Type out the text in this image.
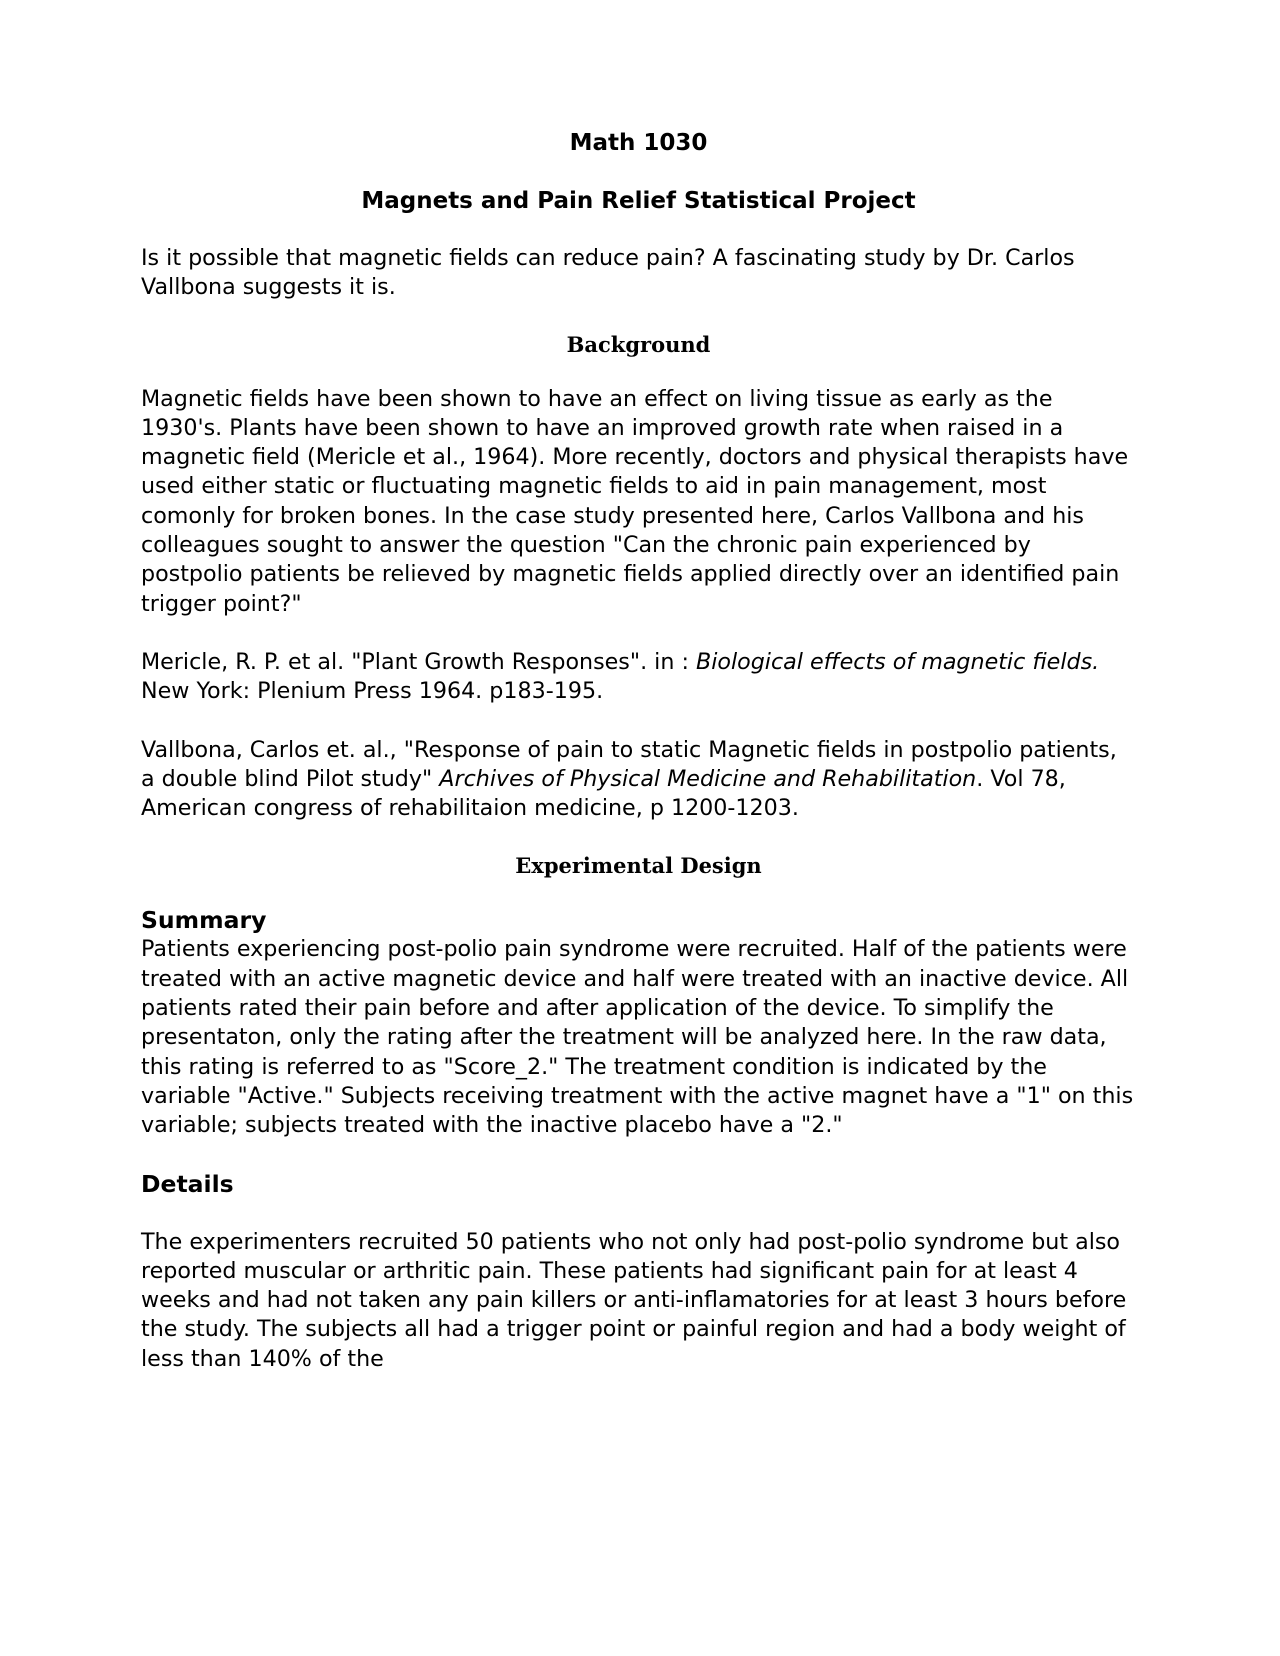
Math 1030
Magnets and Pain Relief Statistical Project

Is it possible that magnetic fields can reduce pain? A fascinating study by Dr. Carlos Vallbona suggests it is.

Background

Magnetic fields have been shown to have an effect on living tissue as early as the 1930's. Plants have been shown to have an improved growth rate when raised in a magnetic field (Mericle et al., 1964). More recently, doctors and physical therapists have used either static or fluctuating magnetic fields to aid in pain management, most comonly for broken bones. In the case study presented here, Carlos Vallbona and his colleagues sought to answer the question "Can the chronic pain experienced by postpolio patients be relieved by magnetic fields applied directly over an identified pain trigger point?"

Mericle, R. P. et al. "Plant Growth Responses". in : Biological effects of magnetic fields. New York: Plenium Press 1964. p183-195.

Vallbona, Carlos et. al., "Response of pain to static Magnetic fields in postpolio patients, a double blind Pilot study" Archives of Physical Medicine and Rehabilitation. Vol 78, American congress of rehabilitaion medicine, p 1200-1203.

Experimental Design
Summary

Patients experiencing post-polio pain syndrome were recruited. Half of the patients were treated with an active magnetic device and half were treated with an inactive device. All patients rated their pain before and after application of the device. To simplify the presentaton, only the rating after the treatment will be analyzed here. In the raw data, this rating is referred to as "Score_2." The treatment condition is indicated by the variable "Active." Subjects receiving treatment with the active magnet have a "1" on this variable; subjects treated with the inactive placebo have a "2."

Details

The experimenters recruited 50 patients who not only had post-polio syndrome but also reported muscular or arthritic pain. These patients had significant pain for at least 4 weeks and had not taken any pain killers or anti-inflamatories for at least 3 hours before the study. The subjects all had a trigger point or painful region and had a body weight of less than 140% of the
